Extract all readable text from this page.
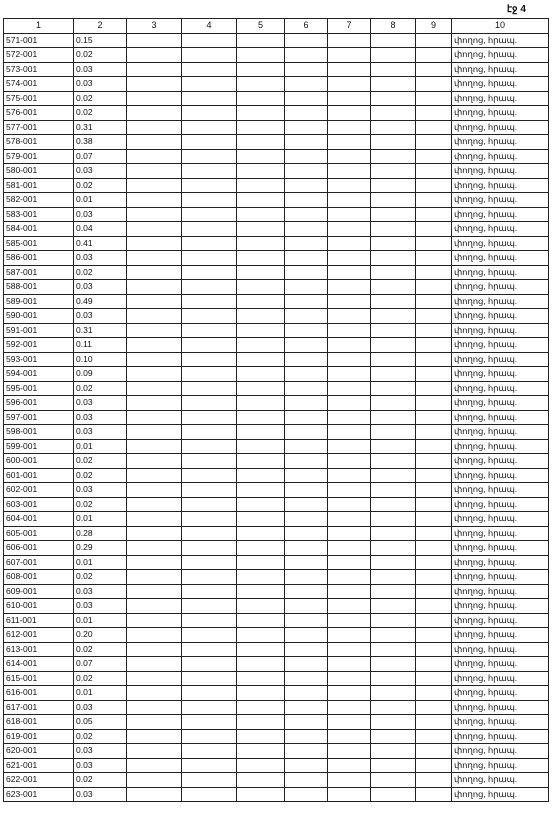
էջ 4
1	2	3	4	5	6	7	8	9	10
571-001	0.15								փողոց, հրապ.
572-001	0.02								փողոց, հրապ.
573-001	0.03								փողոց, հրապ.
574-001	0.03								փողոց, հրապ.
575-001	0.02								փողոց, հրապ.
576-001	0.02								փողոց, հրապ.
577-001	0.31								փողոց, հրապ.
578-001	0.38								փողոց, հրապ.
579-001	0.07								փողոց, հրապ.
580-001	0.03								փողոց, հրապ.
581-001	0.02								փողոց, հրապ.
582-001	0.01								փողոց, հրապ.
583-001	0.03								փողոց, հրապ.
584-001	0.04								փողոց, հրապ.
585-001	0.41								փողոց, հրապ.
586-001	0.03								փողոց, հրապ.
587-001	0.02								փողոց, հրապ.
588-001	0.03								փողոց, հրապ.
589-001	0.49								փողոց, հրապ.
590-001	0.03								փողոց, հրապ.
591-001	0.31								փողոց, հրապ.
592-001	0.11								փողոց, հրապ.
593-001	0.10								փողոց, հրապ.
594-001	0.09								փողոց, հրապ.
595-001	0.02								փողոց, հրապ.
596-001	0.03								փողոց, հրապ.
597-001	0.03								փողոց, հրապ.
598-001	0.03								փողոց, հրապ.
599-001	0.01								փողոց, հրապ.
600-001	0.02								փողոց, հրապ.
601-001	0.02								փողոց, հրապ.
602-001	0.03								փողոց, հրապ.
603-001	0.02								փողոց, հրապ.
604-001	0.01								փողոց, հրապ.
605-001	0.28								փողոց, հրապ.
606-001	0.29								փողոց, հրապ.
607-001	0.01								փողոց, հրապ.
608-001	0.02								փողոց, հրապ.
609-001	0.03								փողոց, հրապ.
610-001	0.03								փողոց, հրապ.
611-001	0.01								փողոց, հրապ.
612-001	0.20								փողոց, հրապ.
613-001	0.02								փողոց, հրապ.
614-001	0.07								փողոց, հրապ.
615-001	0.02								փողոց, հրապ.
616-001	0.01								փողոց, հրապ.
617-001	0.03								փողոց, հրապ.
618-001	0.05								փողոց, հրապ.
619-001	0.02								փողոց, հրապ.
620-001	0.03								փողոց, հրապ.
621-001	0.03								փողոց, հրապ.
622-001	0.02								փողոց, հրապ.
623-001	0.03								փողոց, հրապ.
